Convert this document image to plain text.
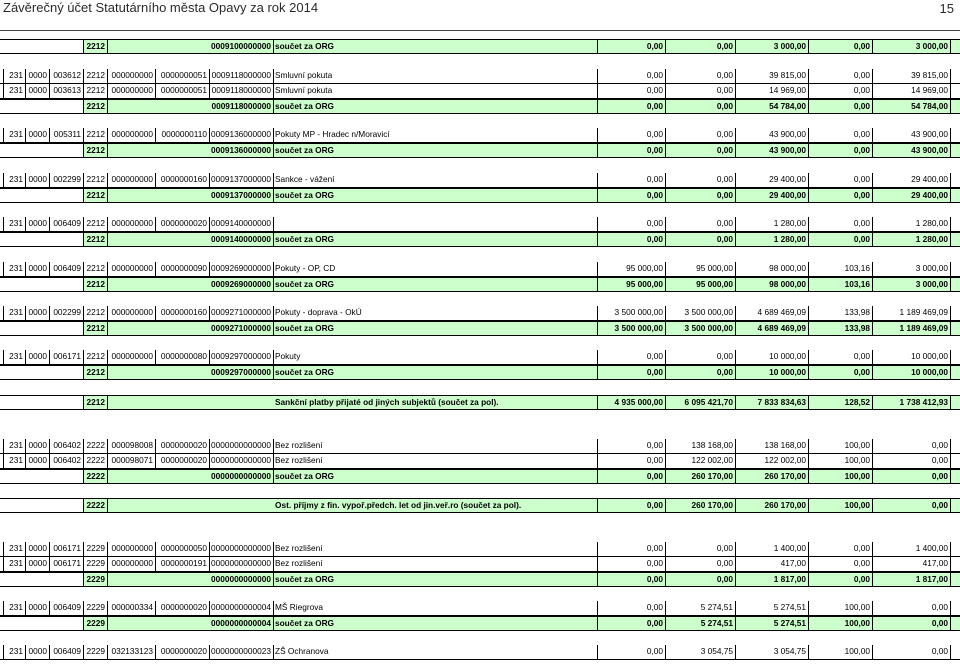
Závěrečný účet Statutárního města Opavy za rok 2014	15
2212	0009100000000 součet za ORG	0,00	0,00	3 000,00	0,00	3 000,00
231 0000 003612 2212 000000000 0000000051 0009118000000 Smluvní pokuta	0,00	0,00	39 815,00	0,00	39 815,00
231 0000 003613 2212 000000000 0000000051 0009118000000 Smluvní pokuta	0,00	0,00	14 969,00	0,00	14 969,00
2212	0009118000000 součet za ORG	0,00	0,00	54 784,00	0,00	54 784,00
231 0000 005311 2212 000000000	0000000110 0009136000000 Pokuty MP - Hradec n/Moravicí	0,00	0,00	43 900,00	0,00	43 900,00
2212	0009136000000 součet za ORG	0,00	0,00	43 900,00	0,00	43 900,00
231 0000 002299 2212 000000000 0000000160 0009137000000 Sankce - vážení	0,00	0,00	29 400,00	0,00	29 400,00
2212	0009137000000 součet za ORG	0,00	0,00	29 400,00	0,00	29 400,00
231 0000 006409 2212 000000000 0000000020 0009140000000	0,00	0,00	1 280,00	0,00	1 280,00
2212	0009140000000 součet za ORG	0,00	0,00	1 280,00	0,00	1 280,00
231 0000 006409 2212 000000000 0000000090 0009269000000 Pokuty - OP, CD	95 000,00	95 000,00	98 000,00	103,16	3 000,00
2212	0009269000000 součet za ORG	95 000,00	95 000,00	98 000,00	103,16	3 000,00
231 0000 002299 2212 000000000 0000000160 0009271000000 Pokuty - doprava - OkÚ	3 500 000,00	3 500 000,00	4 689 469,09	133,98	1 189 469,09
2212	0009271000000 součet za ORG	3 500 000,00	3 500 000,00	4 689 469,09	133,98	1 189 469,09
231 0000 006171 2212 000000000 0000000080 0009297000000 Pokuty	0,00	0,00	10 000,00	0,00	10 000,00
2212	0009297000000 součet za ORG	0,00	0,00	10 000,00	0,00	10 000,00
2212	Sankční platby přijaté od jiných subjektů (součet za pol).	4 935 000,00	6 095 421,70	7 833 834,63	128,52	1 738 412,93
231 0000 006402 2222 000098008 0000000020 0000000000000 Bez rozlišení	0,00	138 168,00	138 168,00	100,00	0,00
231 0000 006402 2222 000098071 0000000020 0000000000000 Bez rozlišení	0,00	122 002,00	122 002,00	100,00	0,00
2222	0000000000000 součet za ORG	0,00	260 170,00	260 170,00	100,00	0,00
2222	Ost. příjmy z fin. vypoř.předch. let od jin.veř.ro (součet za pol).	0,00	260 170,00	260 170,00	100,00	0,00
231 0000 006171 2229 000000000 0000000050 0000000000000 Bez rozlišení	0,00	0,00	1 400,00	0,00	1 400,00
231 0000 006171 2229 000000000 0000000191 0000000000000 Bez rozlišení	0,00	0,00	417,00	0,00	417,00
2229	0000000000000 součet za ORG	0,00	0,00	1 817,00	0,00	1 817,00
231 0000 006409 2229 000000334 0000000020 0000000000004 MŠ Riegrova	0,00	5 274,51	5 274,51	100,00	0,00
2229	0000000000004 součet za ORG	0,00	5 274,51	5 274,51	100,00	0,00
231 0000 006409 2229 032133123 0000000020 0000000000023 ZŠ Ochranova	0,00	3 054,75	3 054,75	100,00	0,00
